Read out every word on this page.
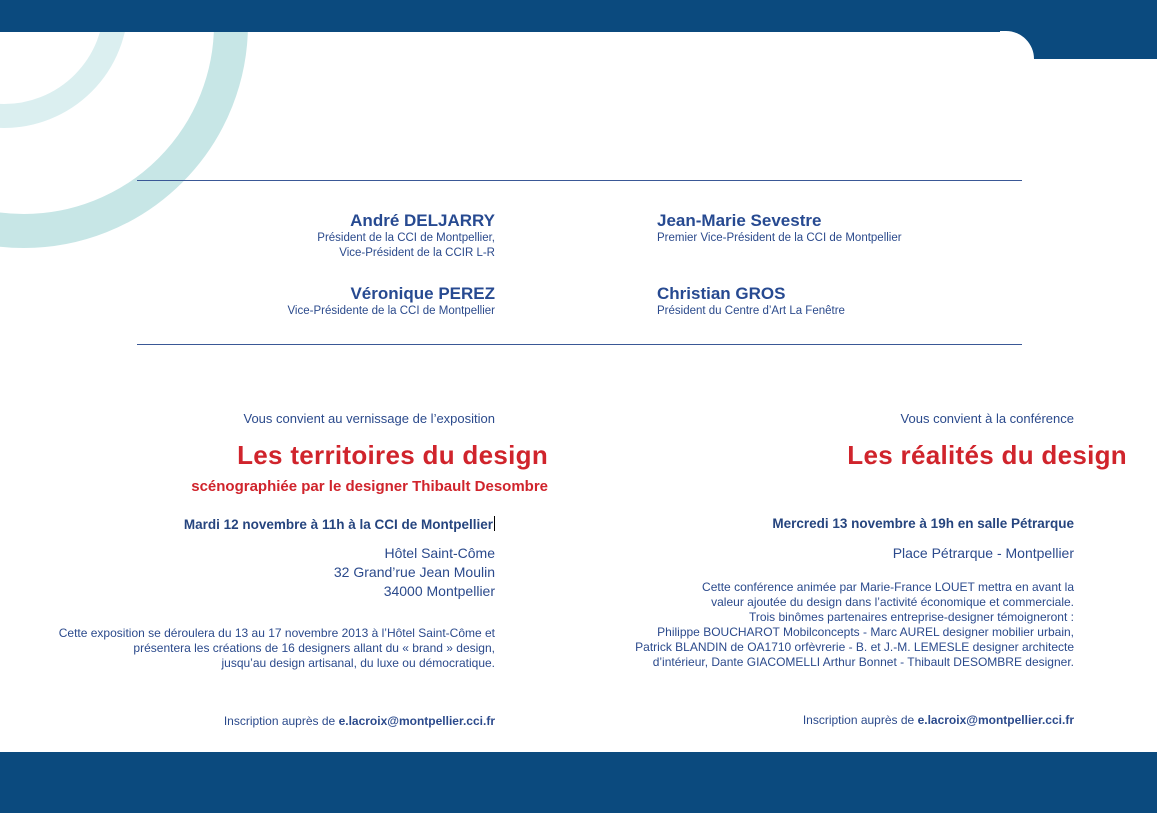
André DELJARRY
Président de la CCI de Montpellier,
Vice-Président de la CCIR L-R
Jean-Marie Sevestre
Premier Vice-Président de la CCI de Montpellier
Véronique PEREZ
Vice-Présidente de la CCI de Montpellier
Christian GROS
Président du Centre d’Art La Fenêtre
Vous convient au vernissage de l’exposition
Les territoires du design
scénographiée par le designer Thibault Desombre
Mardi 12 novembre à 11h à la CCI de Montpellier
Hôtel Saint-Côme
32 Grand’rue Jean Moulin
34000 Montpellier
Cette exposition se déroulera du 13 au 17 novembre 2013 à l’Hôtel Saint-Côme et
présentera les créations de 16 designers allant du « brand » design,
jusqu’au design artisanal, du luxe ou démocratique.
Inscription auprès de e.lacroix@montpellier.cci.fr
Vous convient à la conférence
Les réalités du design
Mercredi 13 novembre à 19h en salle Pétrarque
Place Pétrarque - Montpellier
Cette conférence animée par Marie-France LOUET mettra en avant la
valeur ajoutée du design dans l’activité économique et commerciale.
Trois binômes partenaires entreprise-designer témoigneront :
Philippe BOUCHAROT Mobilconcepts - Marc AUREL designer mobilier urbain,
Patrick BLANDIN de OA1710 orfèvrerie - B. et J.-M. LEMESLE designer architecte
d’intérieur, Dante GIACOMELLI Arthur Bonnet - Thibault DESOMBRE designer.
Inscription auprès de e.lacroix@montpellier.cci.fr
